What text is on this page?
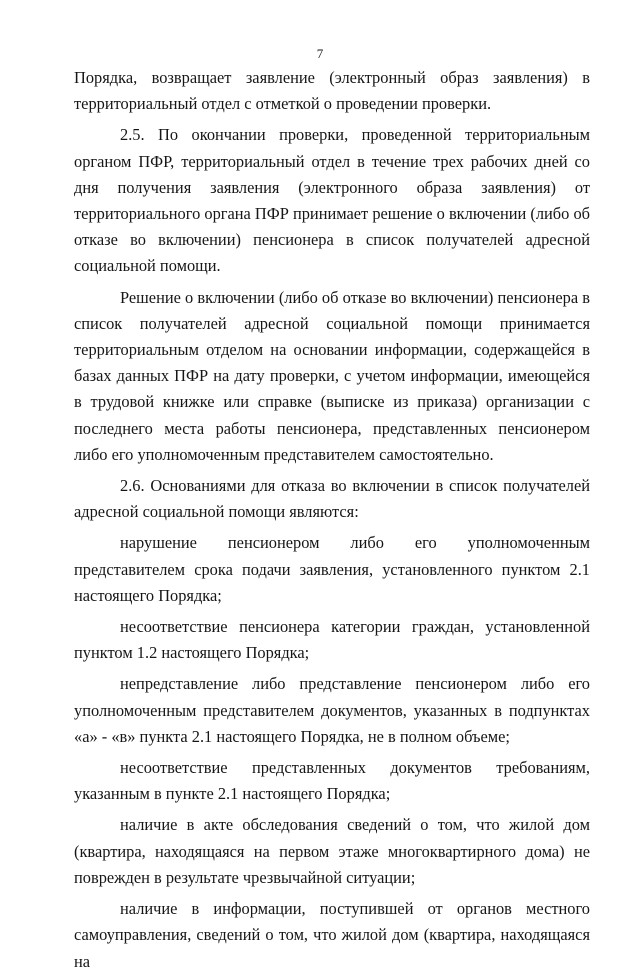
7

Порядка, возвращает заявление (электронный образ заявления) в территориальный отдел с отметкой о проведении проверки.

2.5. По окончании проверки, проведенной территориальным органом ПФР, территориальный отдел в течение трех рабочих дней со дня получения заявления (электронного образа заявления) от территориального органа ПФР принимает решение о включении (либо об отказе во включении) пенсионера в список получателей адресной социальной помощи.

Решение о включении (либо об отказе во включении) пенсионера в список получателей адресной социальной помощи принимается территориальным отделом на основании информации, содержащейся в базах данных ПФР на дату проверки, с учетом информации, имеющейся в трудовой книжке или справке (выписке из приказа) организации с последнего места работы пенсионера, представленных пенсионером либо его уполномоченным представителем самостоятельно.

2.6. Основаниями для отказа во включении в список получателей адресной социальной помощи являются:

нарушение пенсионером либо его уполномоченным представителем срока подачи заявления, установленного пунктом 2.1 настоящего Порядка;

несоответствие пенсионера категории граждан, установленной пунктом 1.2 настоящего Порядка;

непредставление либо представление пенсионером либо его уполномоченным представителем документов, указанных в подпунктах «а» - «в» пункта 2.1 настоящего Порядка, не в полном объеме;

несоответствие представленных документов требованиям, указанным в пункте 2.1 настоящего Порядка;

наличие в акте обследования сведений о том, что жилой дом (квартира, находящаяся на первом этаже многоквартирного дома) не поврежден в результате чрезвычайной ситуации;

наличие в информации, поступившей от органов местного самоуправления, сведений о том, что жилой дом (квартира, находящаяся на
